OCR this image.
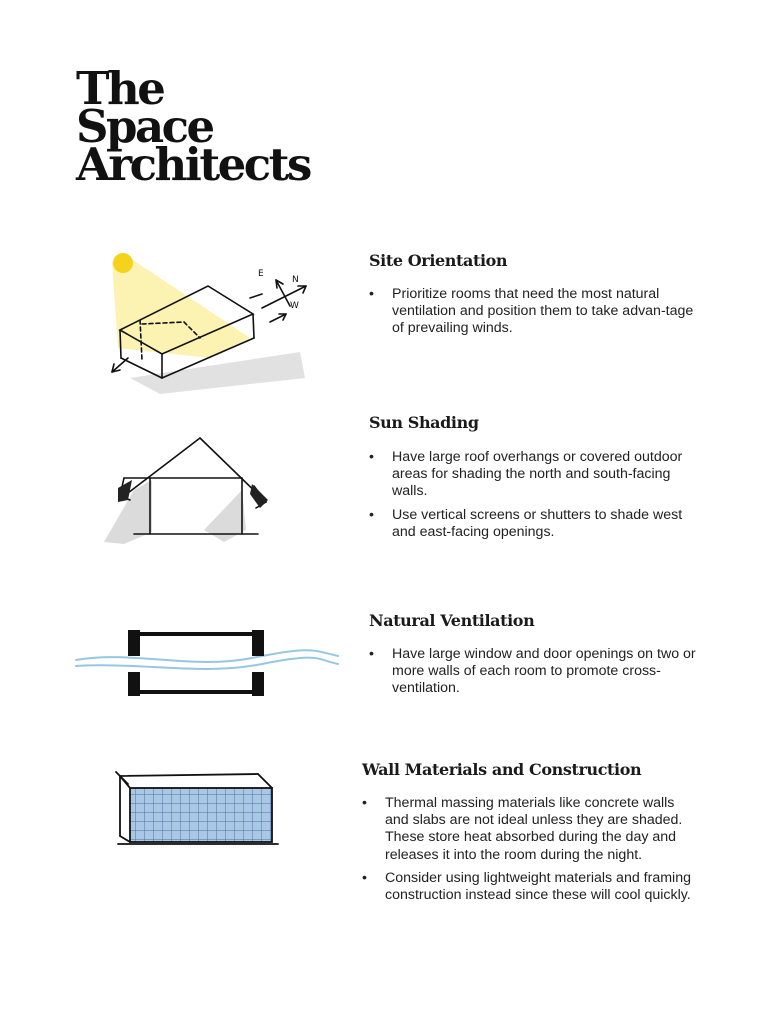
The
Space
Architects
E
N
W
Site Orientation
• Prioritize rooms that need the most natural ventilation and position them to take advan-tage of prevailing winds.
Sun Shading
• Have large roof overhangs or covered outdoor areas for shading the north and south-facing walls.
• Use vertical screens or shutters to shade west and east-facing openings.
Natural Ventilation
• Have large window and door openings on two or more walls of each room to promote cross-ventilation.
Wall Materials and Construction
• Thermal massing materials like concrete walls and slabs are not ideal unless they are shaded. These store heat absorbed during the day and releases it into the room during the night.
• Consider using lightweight materials and framing construction instead since these will cool quickly.
